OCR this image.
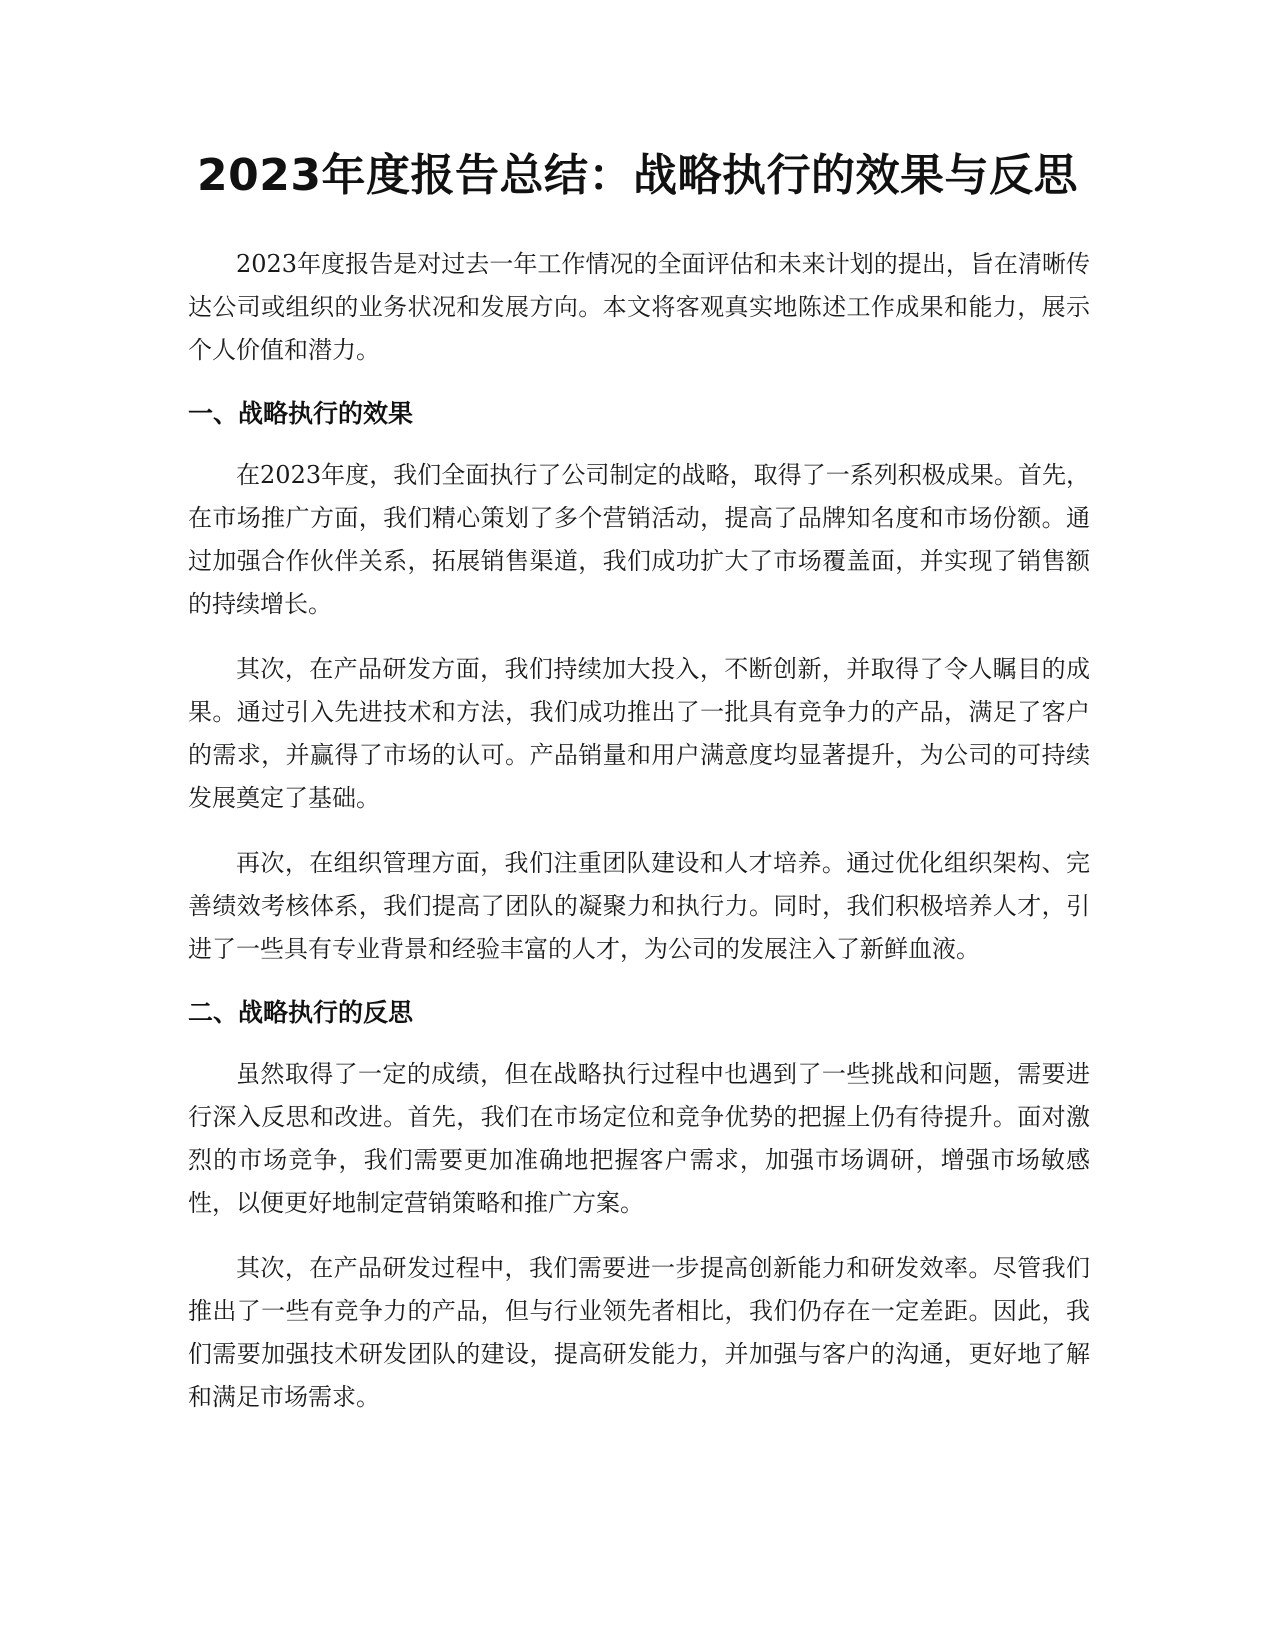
2023年度报告总结：战略执行的效果与反思

2023年度报告是对过去一年工作情况的全面评估和未来计划的提出，旨在清晰传达公司或组织的业务状况和发展方向。本文将客观真实地陈述工作成果和能力，展示个人价值和潜力。

一、战略执行的效果

在2023年度，我们全面执行了公司制定的战略，取得了一系列积极成果。首先，在市场推广方面，我们精心策划了多个营销活动，提高了品牌知名度和市场份额。通过加强合作伙伴关系，拓展销售渠道，我们成功扩大了市场覆盖面，并实现了销售额的持续增长。

其次，在产品研发方面，我们持续加大投入，不断创新，并取得了令人瞩目的成果。通过引入先进技术和方法，我们成功推出了一批具有竞争力的产品，满足了客户的需求，并赢得了市场的认可。产品销量和用户满意度均显著提升，为公司的可持续发展奠定了基础。

再次，在组织管理方面，我们注重团队建设和人才培养。通过优化组织架构、完善绩效考核体系，我们提高了团队的凝聚力和执行力。同时，我们积极培养人才，引进了一些具有专业背景和经验丰富的人才，为公司的发展注入了新鲜血液。

二、战略执行的反思

虽然取得了一定的成绩，但在战略执行过程中也遇到了一些挑战和问题，需要进行深入反思和改进。首先，我们在市场定位和竞争优势的把握上仍有待提升。面对激烈的市场竞争，我们需要更加准确地把握客户需求，加强市场调研，增强市场敏感性，以便更好地制定营销策略和推广方案。

其次，在产品研发过程中，我们需要进一步提高创新能力和研发效率。尽管我们推出了一些有竞争力的产品，但与行业领先者相比，我们仍存在一定差距。因此，我们需要加强技术研发团队的建设，提高研发能力，并加强与客户的沟通，更好地了解和满足市场需求。
